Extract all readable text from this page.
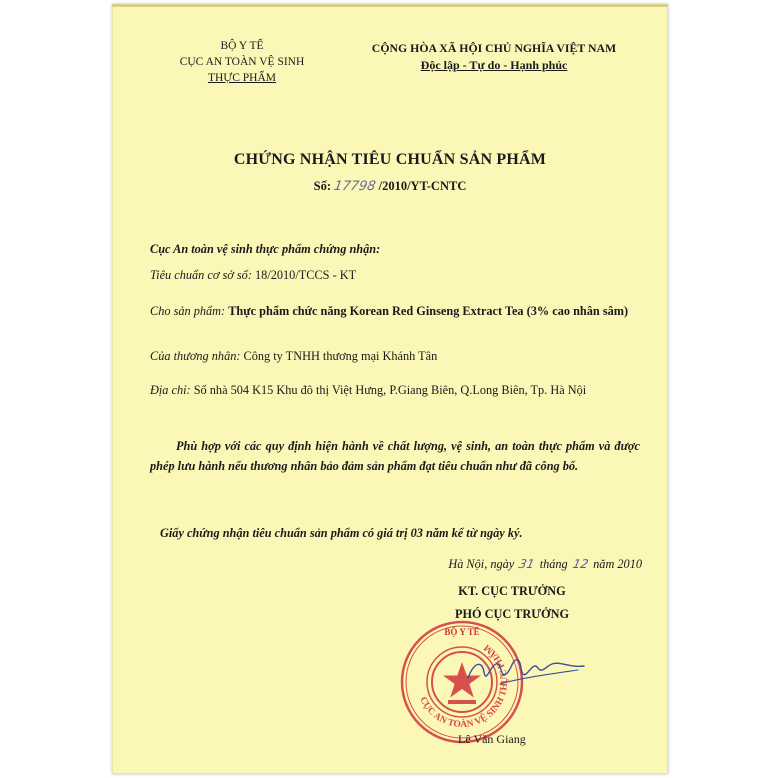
BỘ Y TẾ
CỤC AN TOÀN VỆ SINH
THỰC PHẨM
CỘNG HÒA XÃ HỘI CHỦ NGHĨA VIỆT NAM
Độc lập - Tự do - Hạnh phúc
CHỨNG NHẬN TIÊU CHUẨN SẢN PHẨM
Số: 17798 /2010/YT-CNTC
Cục An toàn vệ sinh thực phẩm chứng nhận:
Tiêu chuẩn cơ sở số: 18/2010/TCCS - KT
Cho sản phẩm: Thực phẩm chức năng Korean Red Ginseng Extract Tea (3% cao nhân sâm)
Của thương nhân: Công ty TNHH thương mại Khánh Tân
Địa chỉ: Số nhà 504 K15 Khu đô thị Việt Hưng, P.Giang Biên, Q.Long Biên, Tp. Hà Nội
Phù hợp với các quy định hiện hành về chất lượng, vệ sinh, an toàn thực phẩm và được phép lưu hành nếu thương nhân bảo đảm sản phẩm đạt tiêu chuẩn như đã công bố.
Giấy chứng nhận tiêu chuẩn sản phẩm có giá trị 03 năm kể từ ngày ký.
Hà Nội, ngày 31 tháng 12 năm 2010
KT. CỤC TRƯỞNG
PHÓ CỤC TRƯỞNG
CỤC AN TOÀN VỆ SINH THỰC PHẨM
BỘ Y TẾ
Lê Văn Giang
